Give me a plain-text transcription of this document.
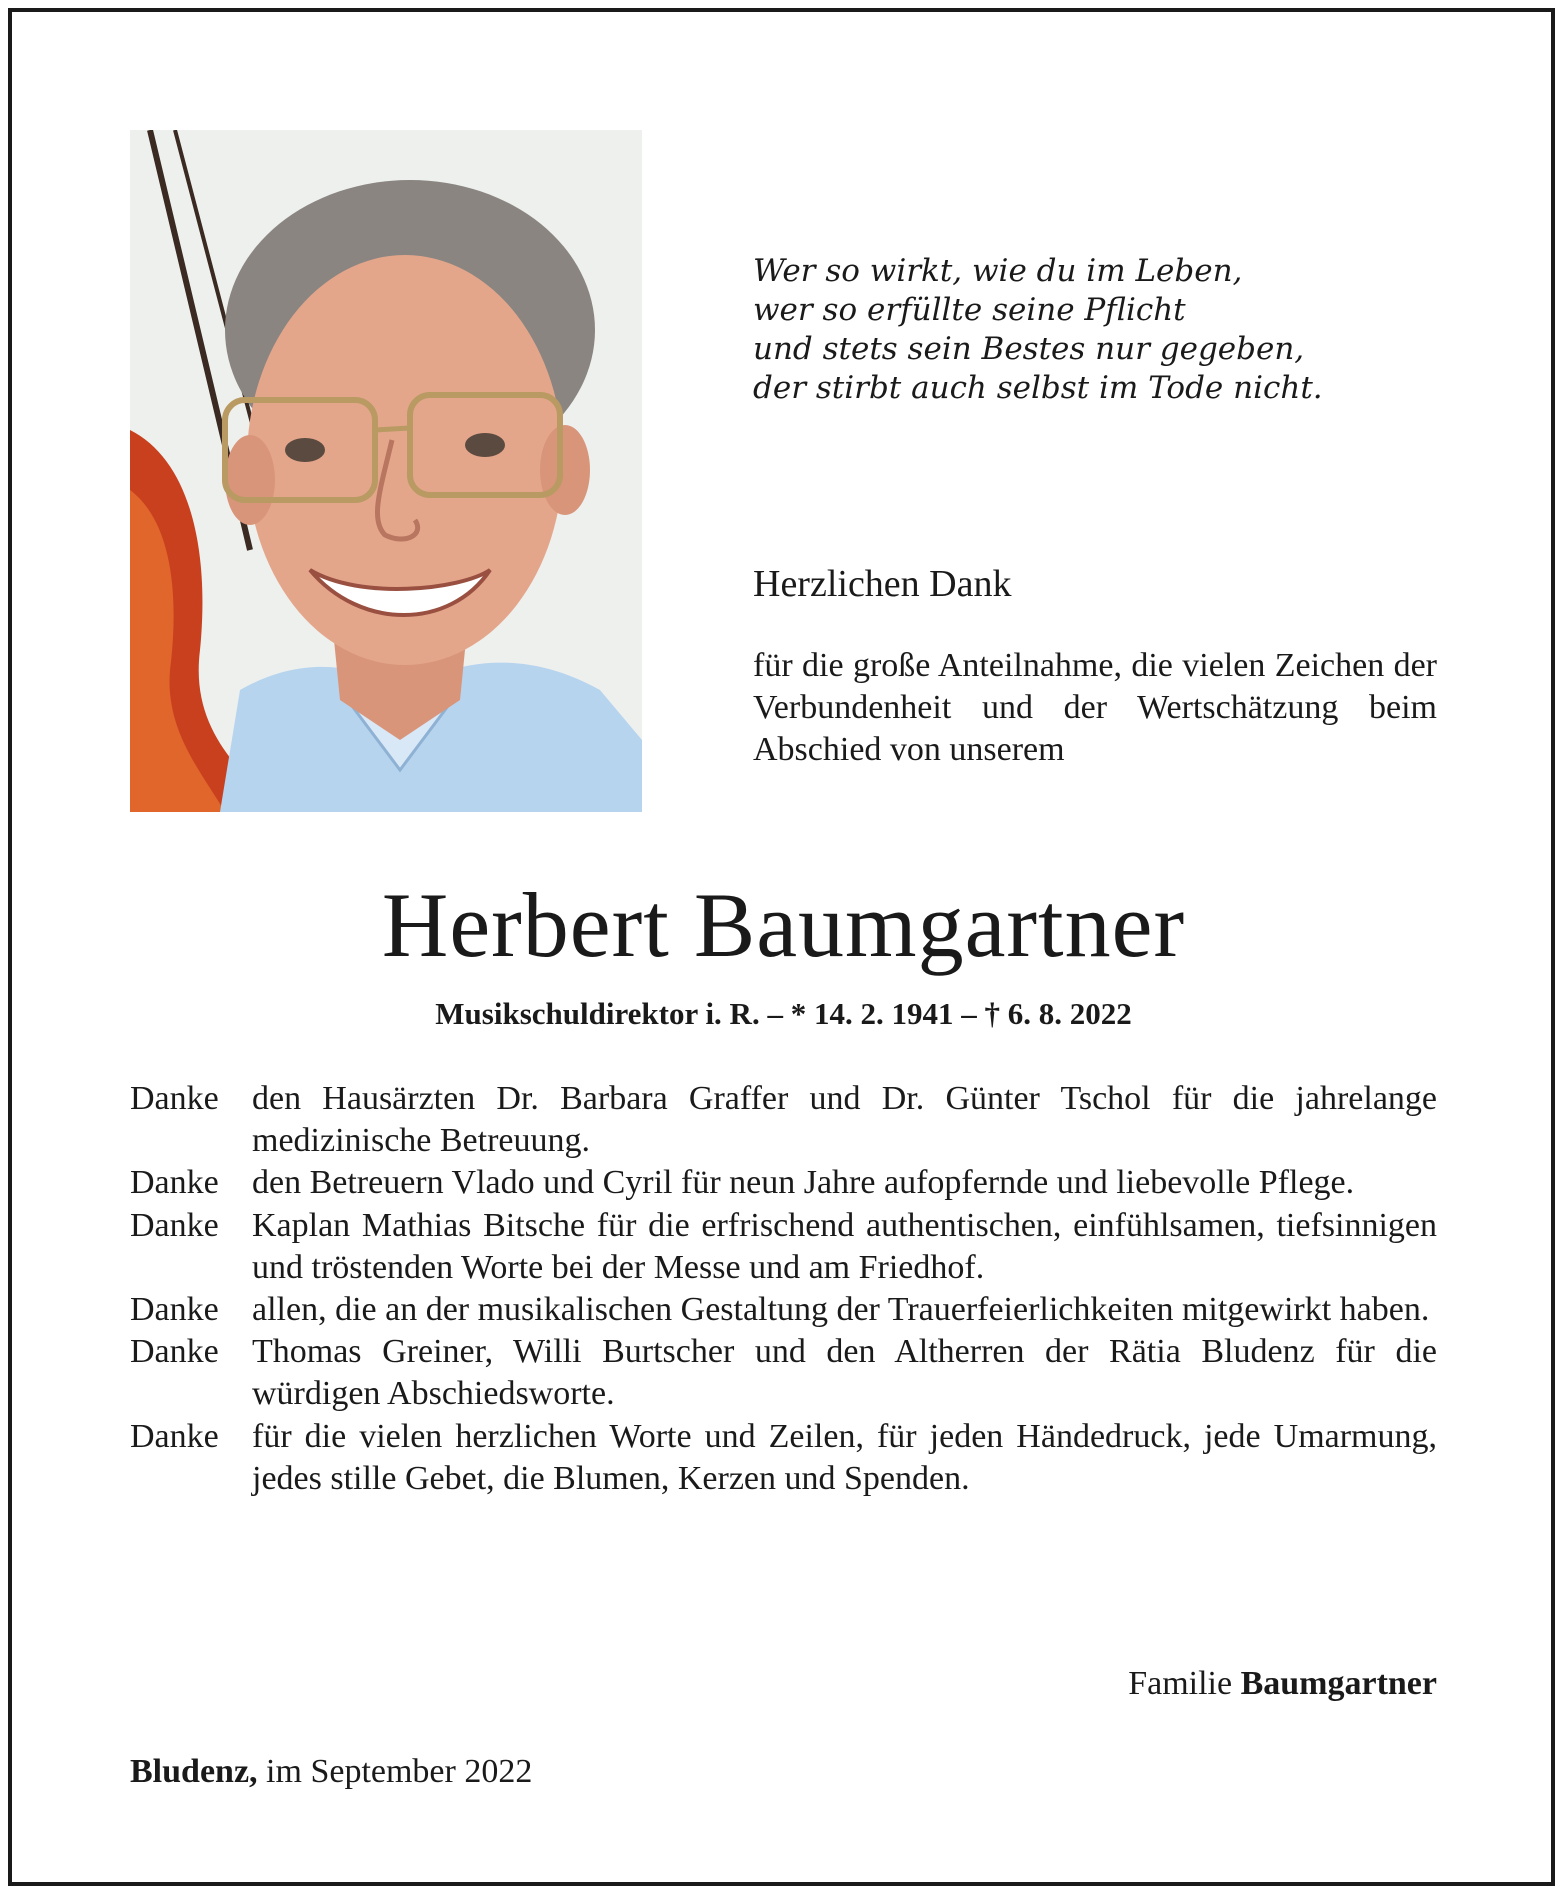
Wer so wirkt, wie du im Leben,
wer so erfüllte seine Pflicht
und stets sein Bestes nur gegeben,
der stirbt auch selbst im Tode nicht.
Herzlichen Dank
für die große Anteilnahme, die vielen Zeichen der Verbundenheit und der Wertschätzung beim Abschied von unserem
Herbert Baumgartner
Musikschuldirektor i. R. – * 14. 2. 1941 – † 6. 8. 2022
Danke den Hausärzten Dr. Barbara Graffer und Dr. Günter Tschol für die jahrelange medizinische Betreuung.
Danke den Betreuern Vlado und Cyril für neun Jahre aufopfernde und liebevolle Pflege.
Danke Kaplan Mathias Bitsche für die erfrischend authentischen, einfühlsamen, tiefsinnigen und tröstenden Worte bei der Messe und am Friedhof.
Danke allen, die an der musikalischen Gestaltung der Trauerfeierlichkeiten mitgewirkt haben.
Danke Thomas Greiner, Willi Burtscher und den Altherren der Rätia Bludenz für die würdigen Abschiedsworte.
Danke für die vielen herzlichen Worte und Zeilen, für jeden Händedruck, jede Umarmung, jedes stille Gebet, die Blumen, Kerzen und Spenden.
Familie Baumgartner
Bludenz, im September 2022
